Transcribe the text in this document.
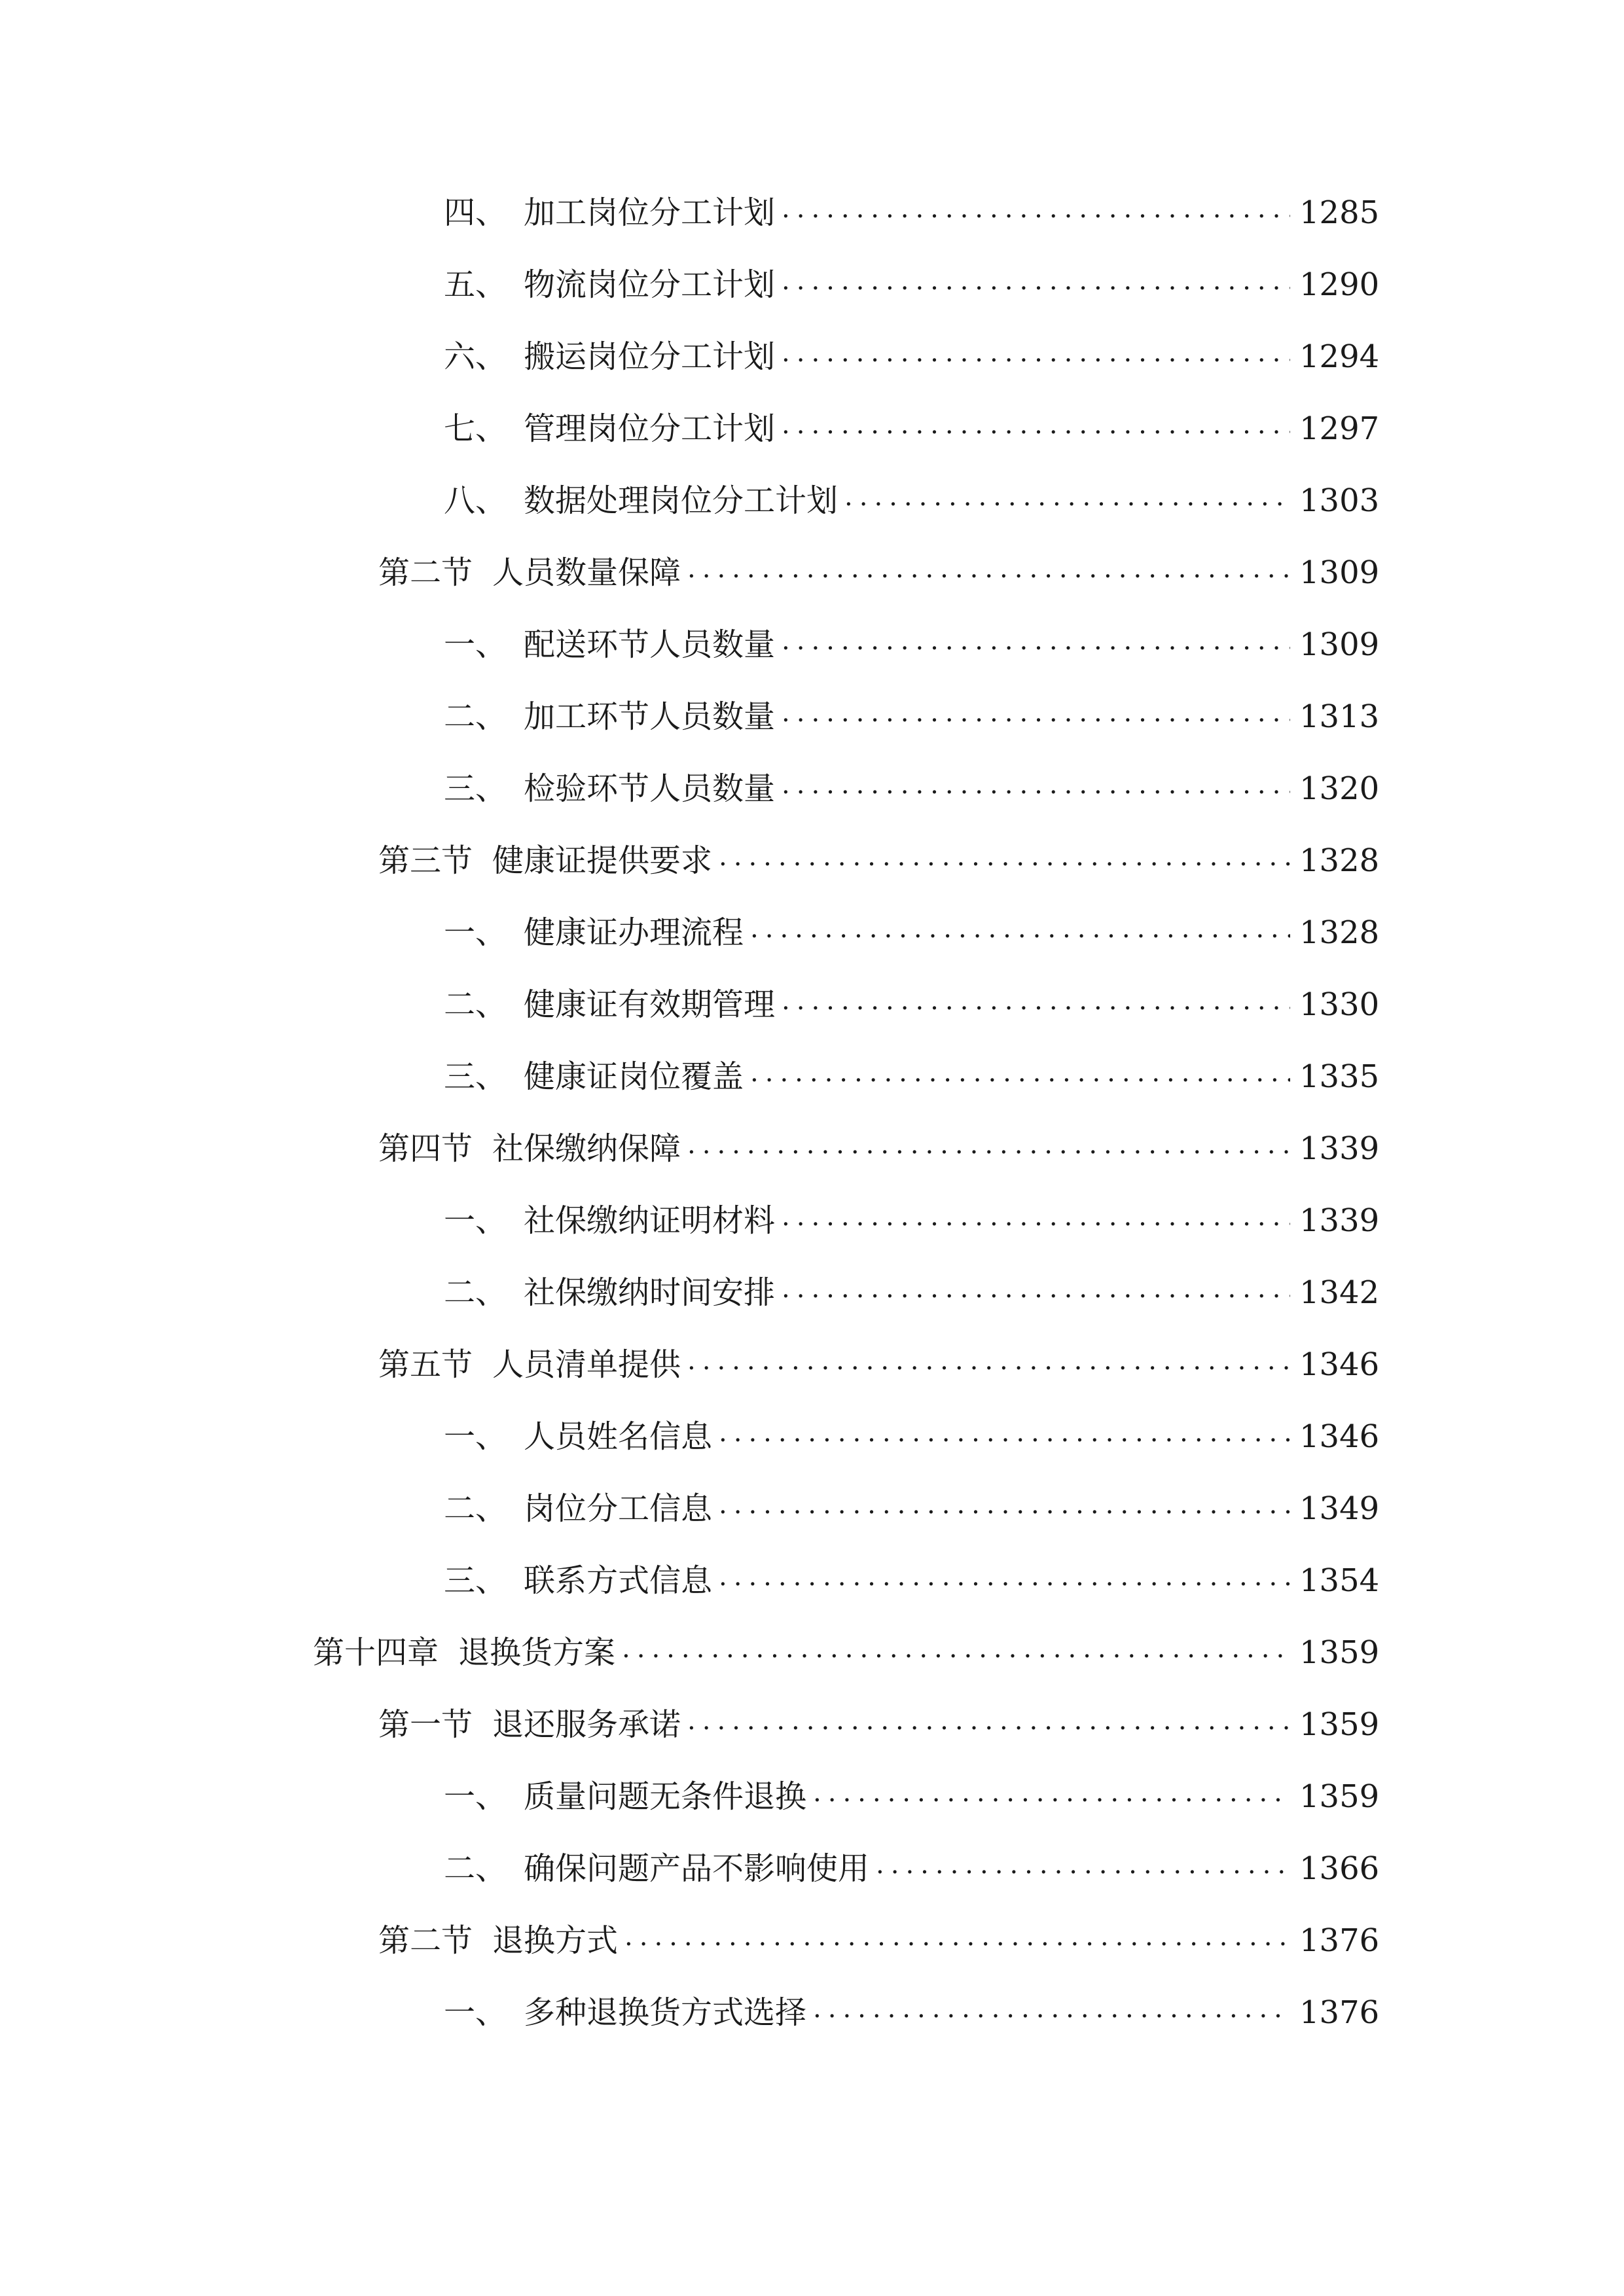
四、 加工岗位分工计划 .....	1285
五、 物流岗位分工计划 .....	1290
六、 搬运岗位分工计划 .....	1294
七、 管理岗位分工计划 .....	1297
八、 数据处理岗位分工计划 .....	1303
第二节 人员数量保障 .....	1309
一、 配送环节人员数量 .....	1309
二、 加工环节人员数量 .....	1313
三、 检验环节人员数量 .....	1320
第三节 健康证提供要求 .....	1328
一、 健康证办理流程 .....	1328
二、 健康证有效期管理 .....	1330
三、 健康证岗位覆盖 .....	1335
第四节 社保缴纳保障 .....	1339
一、 社保缴纳证明材料 .....	1339
二、 社保缴纳时间安排 .....	1342
第五节 人员清单提供 .....	1346
一、 人员姓名信息 .....	1346
二、 岗位分工信息 .....	1349
三、 联系方式信息 .....	1354
第十四章 退换货方案 .....	1359
第一节 退还服务承诺 .....	1359
一、 质量问题无条件退换 .....	1359
二、 确保问题产品不影响使用 .....	1366
第二节 退换方式 .....	1376
一、 多种退换货方式选择 .....	1376
